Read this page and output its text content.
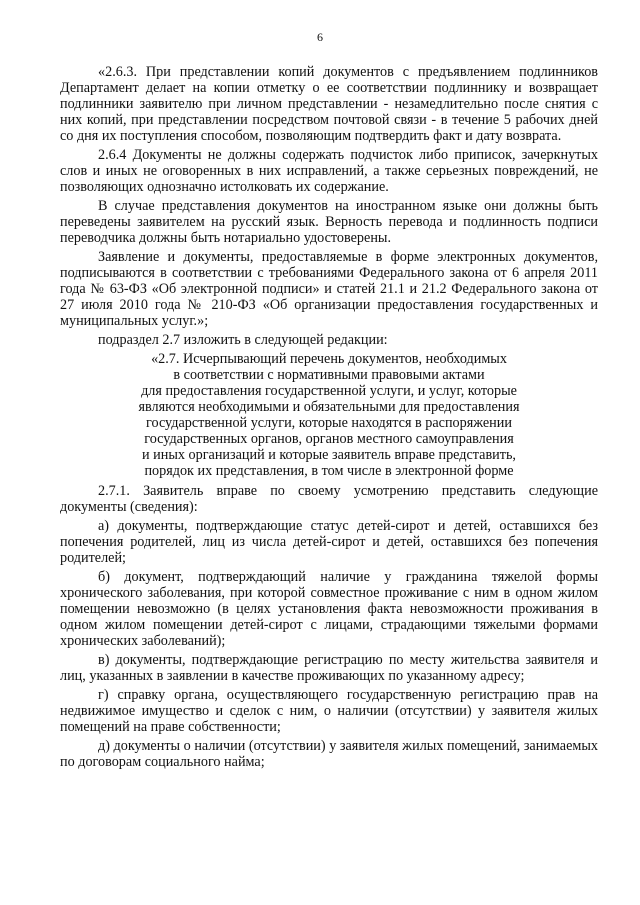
6

«2.6.3. При представлении копий документов с предъявлением подлинников Департамент делает на копии отметку о ее соответствии подлиннику и возвращает подлинники заявителю при личном представлении - незамедлительно после снятия с них копий, при представлении посредством почтовой связи - в течение 5 рабочих дней со дня их поступления способом, позволяющим подтвердить факт и дату возврата.

2.6.4 Документы не должны содержать подчисток либо приписок, зачеркнутых слов и иных не оговоренных в них исправлений, а также серьезных повреждений, не позволяющих однозначно истолковать их содержание.

В случае представления документов на иностранном языке они должны быть переведены заявителем на русский язык. Верность перевода и подлинность подписи переводчика должны быть нотариально удостоверены.

Заявление и документы, предоставляемые в форме электронных документов, подписываются в соответствии с требованиями Федерального закона от 6 апреля 2011 года № 63-ФЗ «Об электронной подписи» и статей 21.1 и 21.2 Федерального закона от 27 июля 2010 года № 210-ФЗ «Об организации предоставления государственных и муниципальных услуг.»;

подраздел 2.7 изложить в следующей редакции:

«2.7. Исчерпывающий перечень документов, необходимых
в соответствии с нормативными правовыми актами
для предоставления государственной услуги, и услуг, которые
являются необходимыми и обязательными для предоставления
государственной услуги, которые находятся в распоряжении
государственных органов, органов местного самоуправления
и иных организаций и которые заявитель вправе представить,
порядок их представления, в том числе в электронной форме

2.7.1. Заявитель вправе по своему усмотрению представить следующие документы (сведения):

а) документы, подтверждающие статус детей-сирот и детей, оставшихся без попечения родителей, лиц из числа детей-сирот и детей, оставшихся без попечения родителей;

б) документ, подтверждающий наличие у гражданина тяжелой формы хронического заболевания, при которой совместное проживание с ним в одном жилом помещении невозможно (в целях установления факта невозможности проживания в одном жилом помещении детей-сирот с лицами, страдающими тяжелыми формами хронических заболеваний);

в) документы, подтверждающие регистрацию по месту жительства заявителя и лиц, указанных в заявлении в качестве проживающих по указанному адресу;

г) справку органа, осуществляющего государственную регистрацию прав на недвижимое имущество и сделок с ним, о наличии (отсутствии) у заявителя жилых помещений на праве собственности;

д) документы о наличии (отсутствии) у заявителя жилых помещений, занимаемых по договорам социального найма;
